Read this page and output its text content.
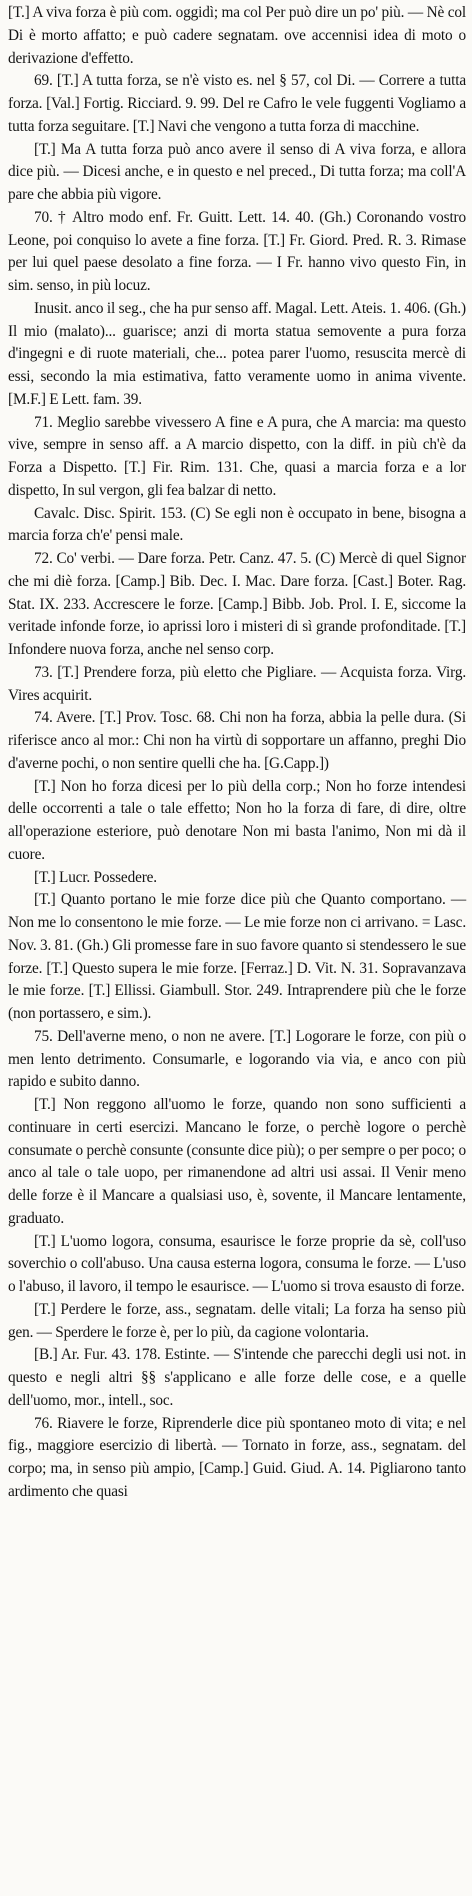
[T.] A viva forza è più com. oggidì; ma col Per può dire un po' più. — Nè col Di è morto affatto; e può cadere segnatam. ove accennisi idea di moto o derivazione d'effetto.

69. [T.] A tutta forza, se n'è visto es. nel § 57, col Di. — Correre a tutta forza. [Val.] Fortig. Ricciard. 9. 99. Del re Cafro le vele fuggenti Vogliamo a tutta forza seguitare. [T.] Navi che vengono a tutta forza di macchine.

[T.] Ma A tutta forza può anco avere il senso di A viva forza, e allora dice più. — Dicesi anche, e in questo e nel preced., Di tutta forza; ma coll'A pare che abbia più vigore.

70. † Altro modo enf. Fr. Guitt. Lett. 14. 40. (Gh.) Coronando vostro Leone, poi conquiso lo avete a fine forza. [T.] Fr. Giord. Pred. R. 3. Rimase per lui quel paese desolato a fine forza. — I Fr. hanno vivo questo Fin, in sim. senso, in più locuz.

Inusit. anco il seg., che ha pur senso aff. Magal. Lett. Ateis. 1. 406. (Gh.) Il mio (malato)... guarisce; anzi di morta statua semovente a pura forza d'ingegni e di ruote materiali, che... potea parer l'uomo, resuscita mercè di essi, secondo la mia estimativa, fatto veramente uomo in anima vivente. [M.F.] E Lett. fam. 39.

71. Meglio sarebbe vivessero A fine e A pura, che A marcia: ma questo vive, sempre in senso aff. a A marcio dispetto, con la diff. in più ch'è da Forza a Dispetto. [T.] Fir. Rim. 131. Che, quasi a marcia forza e a lor dispetto, In sul vergon, gli fea balzar di netto.

Cavalc. Disc. Spirit. 153. (C) Se egli non è occupato in bene, bisogna a marcia forza ch'e' pensi male.

72. Co' verbi. — Dare forza. Petr. Canz. 47. 5. (C) Mercè di quel Signor che mi diè forza. [Camp.] Bib. Dec. I. Mac. Dare forza. [Cast.] Boter. Rag. Stat. IX. 233. Accrescere le forze. [Camp.] Bibb. Job. Prol. I. E, siccome la veritade infonde forze, io aprissi loro i misteri di sì grande profonditade. [T.] Infondere nuova forza, anche nel senso corp.

73. [T.] Prendere forza, più eletto che Pigliare. — Acquista forza. Virg. Vires acquirit.

74. Avere. [T.] Prov. Tosc. 68. Chi non ha forza, abbia la pelle dura. (Si riferisce anco al mor.: Chi non ha virtù di sopportare un affanno, preghi Dio d'averne pochi, o non sentire quelli che ha. [G.Capp.])

[T.] Non ho forza dicesi per lo più della corp.; Non ho forze intendesi delle occorrenti a tale o tale effetto; Non ho la forza di fare, di dire, oltre all'operazione esteriore, può denotare Non mi basta l'animo, Non mi dà il cuore.

[T.] Lucr. Possedere.

[T.] Quanto portano le mie forze dice più che Quanto comportano. — Non me lo consentono le mie forze. — Le mie forze non ci arrivano. = Lasc. Nov. 3. 81. (Gh.) Gli promesse fare in suo favore quanto si stendessero le sue forze. [T.] Questo supera le mie forze. [Ferraz.] D. Vit. N. 31. Sopravanzava le mie forze. [T.] Ellissi. Giambull. Stor. 249. Intraprendere più che le forze (non portassero, e sim.).

75. Dell'averne meno, o non ne avere. [T.] Logorare le forze, con più o men lento detrimento. Consumarle, e logorando via via, e anco con più rapido e subito danno.

[T.] Non reggono all'uomo le forze, quando non sono sufficienti a continuare in certi esercizi. Mancano le forze, o perchè logore o perchè consumate o perchè consunte (consunte dice più); o per sempre o per poco; o anco al tale o tale uopo, per rimanendone ad altri usi assai. Il Venir meno delle forze è il Mancare a qualsiasi uso, è, sovente, il Mancare lentamente, graduato.

[T.] L'uomo logora, consuma, esaurisce le forze proprie da sè, coll'uso soverchio o coll'abuso. Una causa esterna logora, consuma le forze. — L'uso o l'abuso, il lavoro, il tempo le esaurisce. — L'uomo si trova esausto di forze.

[T.] Perdere le forze, ass., segnatam. delle vitali; La forza ha senso più gen. — Sperdere le forze è, per lo più, da cagione volontaria.

[B.] Ar. Fur. 43. 178. Estinte. — S'intende che parecchi degli usi not. in questo e negli altri §§ s'applicano e alle forze delle cose, e a quelle dell'uomo, mor., intell., soc.

76. Riavere le forze, Riprenderle dice più spontaneo moto di vita; e nel fig., maggiore esercizio di libertà. — Tornato in forze, ass., segnatam. del corpo; ma, in senso più ampio, [Camp.] Guid. Giud. A. 14. Pigliarono tanto ardimento che quasi
